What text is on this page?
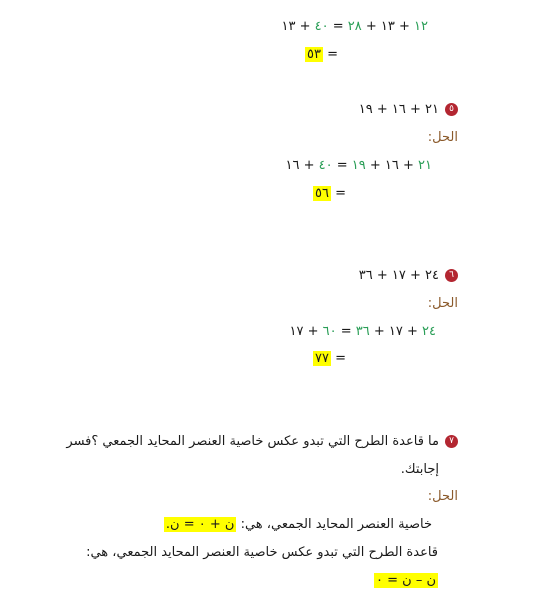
١٢ + ١٣ + ٢٨ = ٤٠ + ١٣
= ٥٣
٥٢١ + ١٦ + ١٩
الحل:
٢١ + ١٦ + ١٩ = ٤٠ + ١٦
= ٥٦
٦٢٤ + ١٧ + ٣٦
الحل:
٢٤ + ١٧ + ٣٦ = ٦٠ + ١٧
= ٧٧
٧ما قاعدة الطرح التي تبدو عكس خاصية العنصر المحايد الجمعي ؟فسر
إجابتك.
الحل:
خاصية العنصر المحايد الجمعي، هي: ن + ٠ = ن.
قاعدة الطرح التي تبدو عكس خاصية العنصر المحايد الجمعي، هي:
ن – ن = ٠
